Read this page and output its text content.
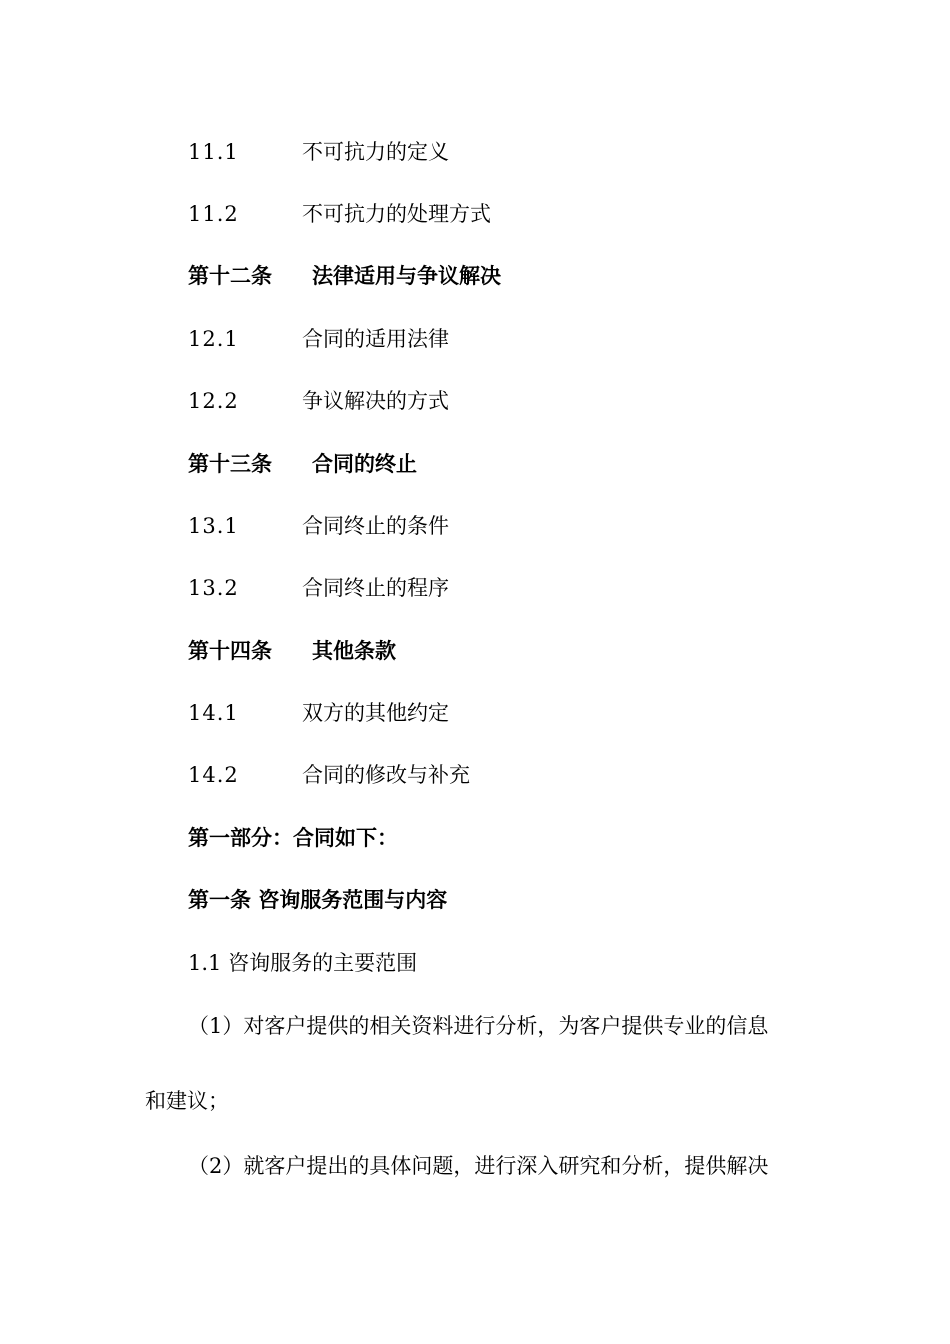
11.1	不可抗力的定义
11.2	不可抗力的处理方式
第十二条 法律适用与争议解决
12.1	合同的适用法律
12.2	争议解决的方式
第十三条 合同的终止
13.1	合同终止的条件
13.2	合同终止的程序
第十四条 其他条款
14.1	双方的其他约定
14.2	合同的修改与补充
第一部分：合同如下：
第一条 咨询服务范围与内容
1.1 咨询服务的主要范围
（1）对客户提供的相关资料进行分析，为客户提供专业的信息
和建议；
（2）就客户提出的具体问题，进行深入研究和分析，提供解决
